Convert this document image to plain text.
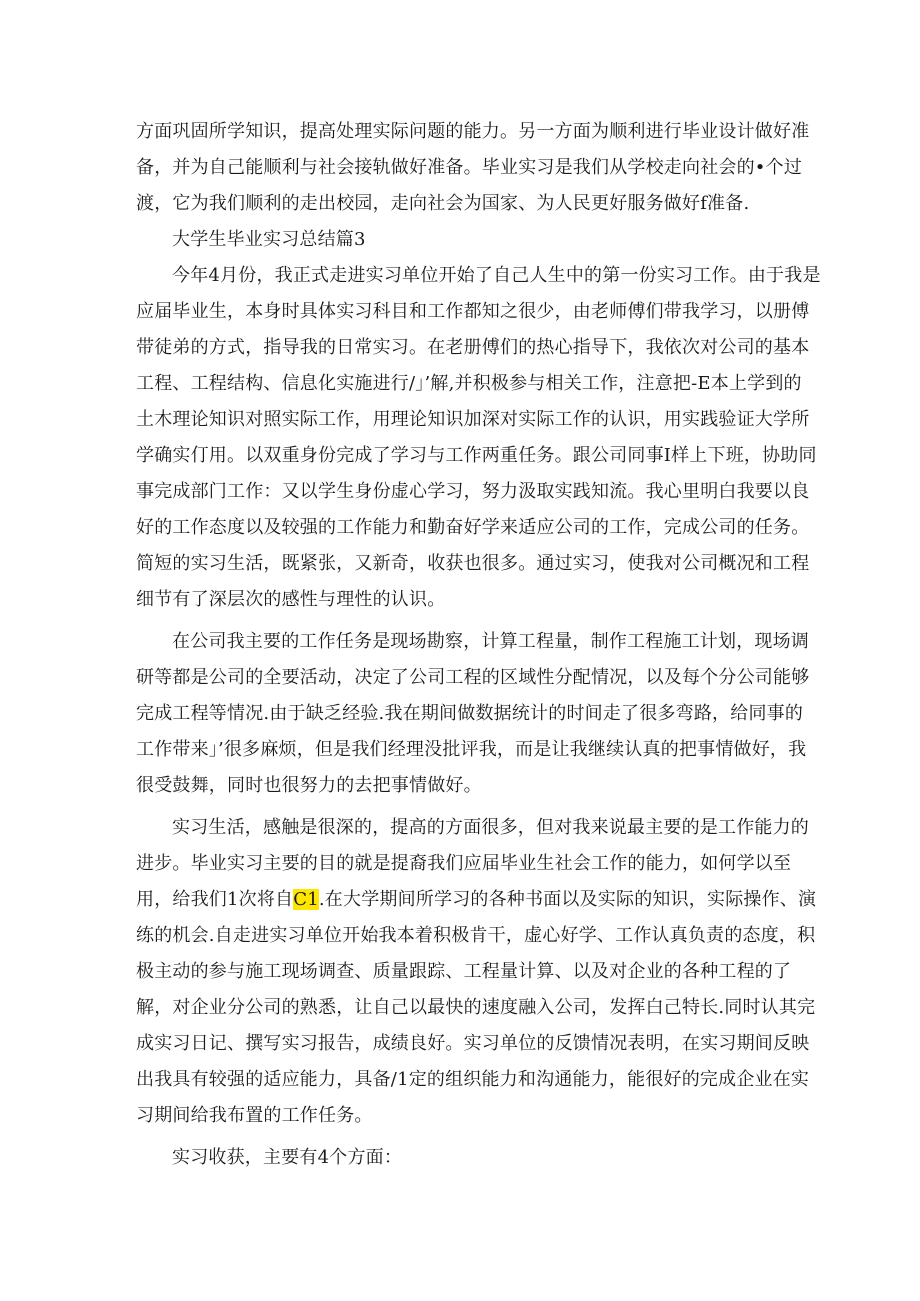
方面巩固所学知识，提高处理实际问题的能力。另一方面为顺利进行毕业设计做好准
备，并为自己能顺利与社会接轨做好准备。毕业实习是我们从学校走向社会的•个过
渡，它为我们顺利的走出校园，走向社会为国家、为人民更好服务做好f准备.
大学生毕业实习总结篇3
今年4月份，我正式走进实习单位开始了自己人生中的第一份实习工作。由于我是
应届毕业生，本身时具体实习科目和工作都知之很少，由老师傅们带我学习，以册傅
带徒弟的方式，指导我的日常实习。在老册傅们的热心指导下，我依次对公司的基本
工程、工程结构、信息化实施进行/」’解,并积极参与相关工作，注意把-E本上学到的
土木理论知识对照实际工作，用理论知识加深对实际工作的认识，用实践验证大学所
学确实仃用。以双重身份完成了学习与工作两重任务。跟公司同事I样上下班，协助同
事完成部门工作：又以学生身份虚心学习，努力汲取实践知流。我心里明白我要以良
好的工作态度以及较强的工作能力和勤奋好学来适应公司的工作，完成公司的任务。
简短的实习生活，既紧张，又新奇，收获也很多。通过实习，使我对公司概况和工程
细节有了深层次的感性与理性的认识。
在公司我主要的工作任务是现场勘察，计算工程量，制作工程施工计划，现场调
研等都是公司的全要活动，决定了公司工程的区域性分配情况，以及每个分公司能够
完成工程等情况.由于缺乏经验.我在期间做数据统计的时间走了很多弯路，给同事的
工作带来」’很多麻烦，但是我们经理没批评我，而是让我继续认真的把事情做好，我
很受鼓舞，同时也很努力的去把事情做好。
实习生活，感触是很深的，提高的方面很多，但对我来说最主要的是工作能力的
进步。毕业实习主要的目的就是提裔我们应届毕业生社会工作的能力，如何学以至
用，给我们1次将自C1.在大学期间所学习的各种书面以及实际的知识，实际操作、演
练的机会.自走进实习单位开始我本着积极肯干，虚心好学、工作认真负责的态度，积
极主动的参与施工现场调查、质量跟踪、工程量计算、以及对企业的各种工程的了
解，对企业分公司的熟悉，让自己以最快的速度融入公司，发挥白己特长.同时认其完
成实习日记、撰写实习报告，成绩良好。实习单位的反馈情况表明，在实习期间反映
出我具有较强的适应能力，具备/1定的组织能力和沟通能力，能很好的完成企业在实
习期间给我布置的工作任务。
实习收获，主要有4个方面：
